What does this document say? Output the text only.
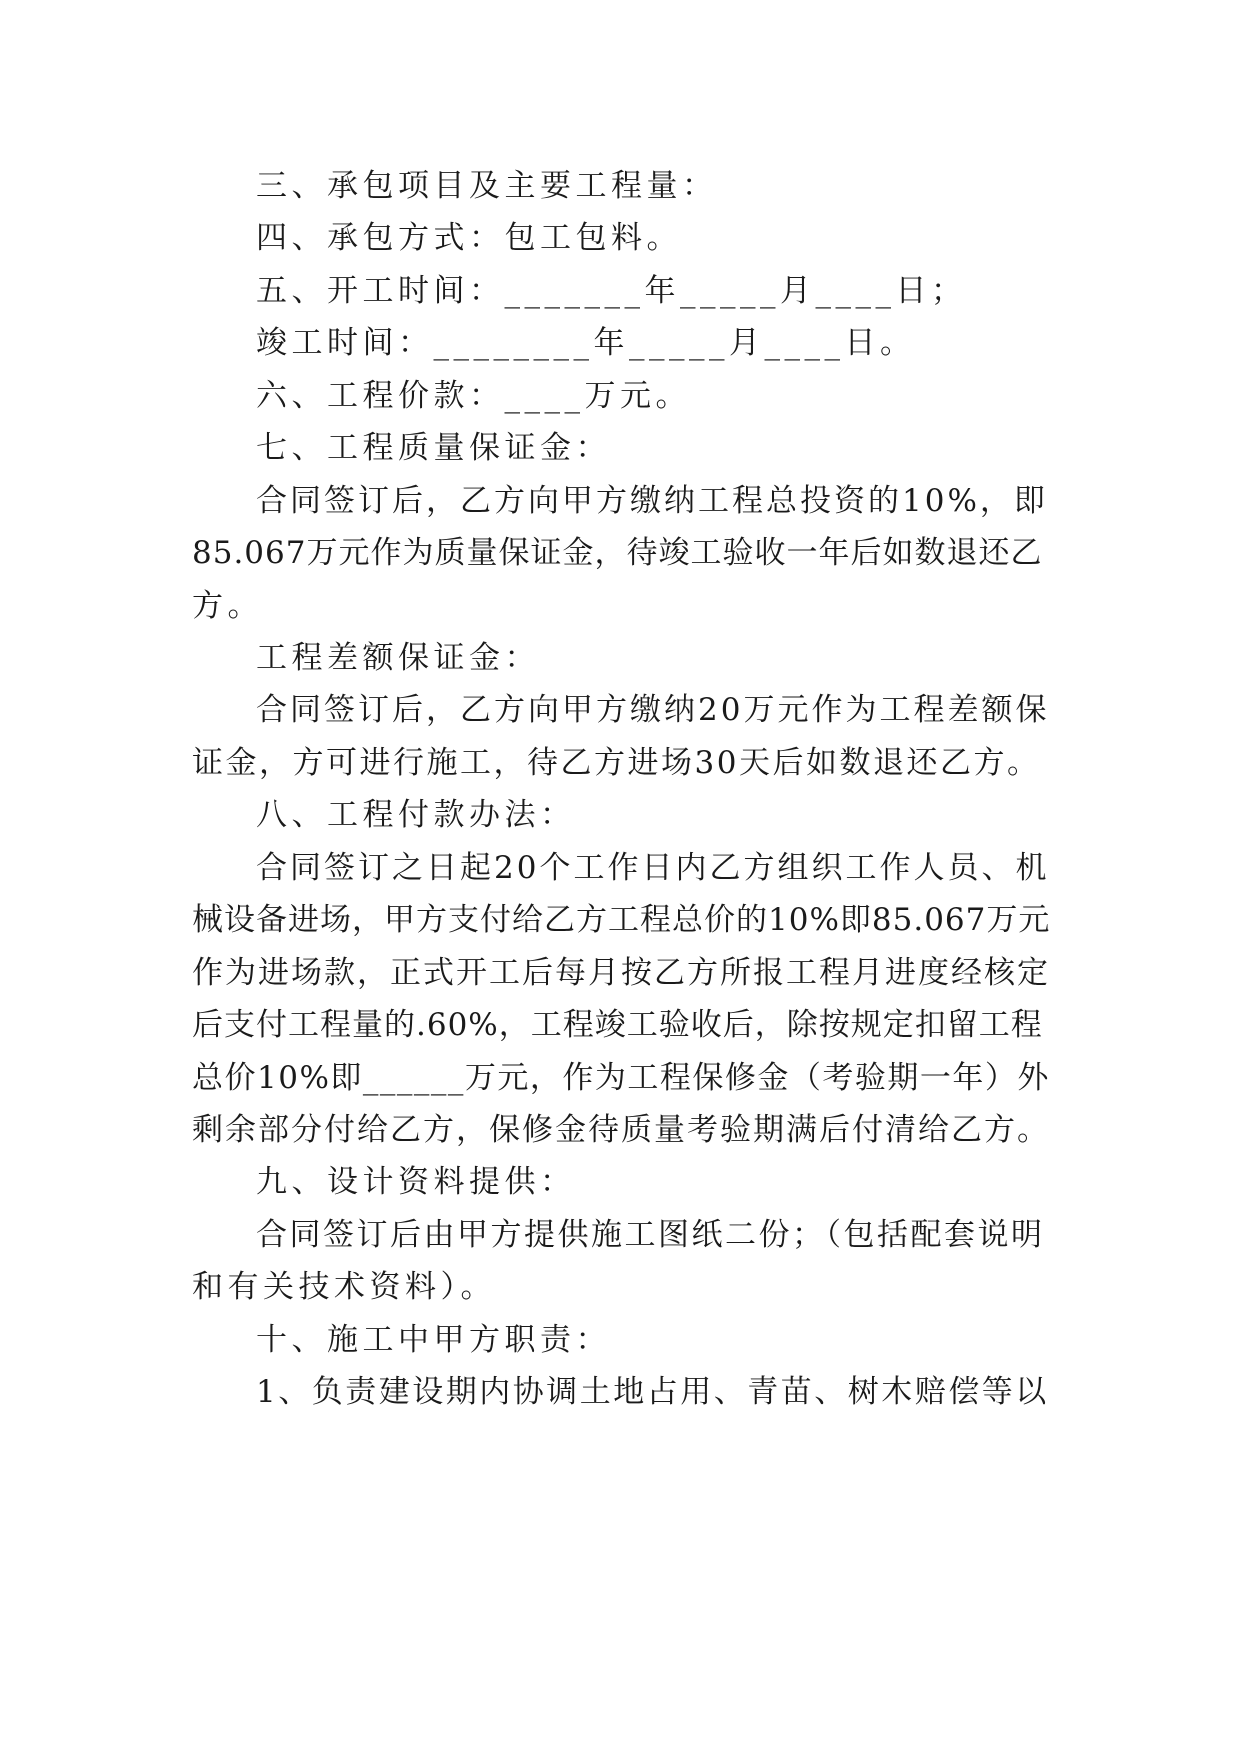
三、承包项目及主要工程量：
四、承包方式：包工包料。
五、开工时间：_______年_____月____日；
竣工时间：________年_____月____日。
六、工程价款：____万元。
七、工程质量保证金：
合同签订后，乙方向甲方缴纳工程总投资的10%，即
85.067万元作为质量保证金，待竣工验收一年后如数退还乙
方。
工程差额保证金：
合同签订后，乙方向甲方缴纳20万元作为工程差额保
证金，方可进行施工，待乙方进场30天后如数退还乙方。
八、工程付款办法：
合同签订之日起20个工作日内乙方组织工作人员、机
械设备进场，甲方支付给乙方工程总价的10%即85.067万元
作为进场款，正式开工后每月按乙方所报工程月进度经核定
后支付工程量的.60%，工程竣工验收后，除按规定扣留工程
总价10%即______万元，作为工程保修金（考验期一年）外
剩余部分付给乙方，保修金待质量考验期满后付清给乙方。
九、设计资料提供：
合同签订后由甲方提供施工图纸二份；（包括配套说明
和有关技术资料）。
十、施工中甲方职责：
1、负责建设期内协调土地占用、青苗、树木赔偿等以
